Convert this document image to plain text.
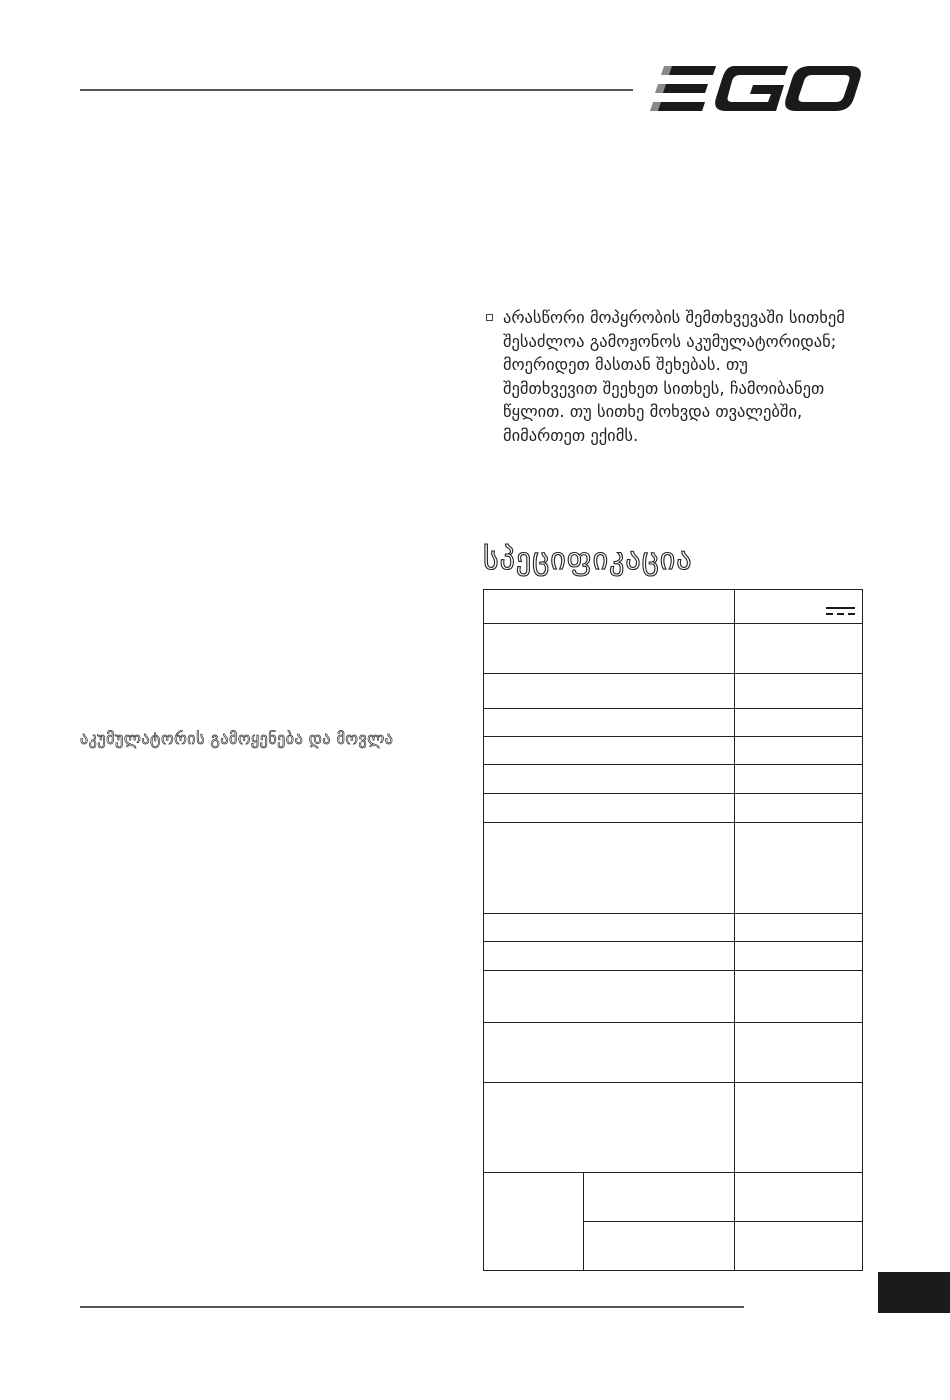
არასწორი მოპყრობის შემთხვევაში სითხემ შესაძლოა გამოჟონოს აკუმულატორიდან; მოერიდეთ მასთან შეხებას. თუ შემთხვევით შეეხეთ სითხეს, ჩამოიბანეთ წყლით. თუ სითხე მოხვდა თვალებში, მიმართეთ ექიმს.
სპეციფიკაცია
აკუმულატორის გამოყენება და მოვლა
